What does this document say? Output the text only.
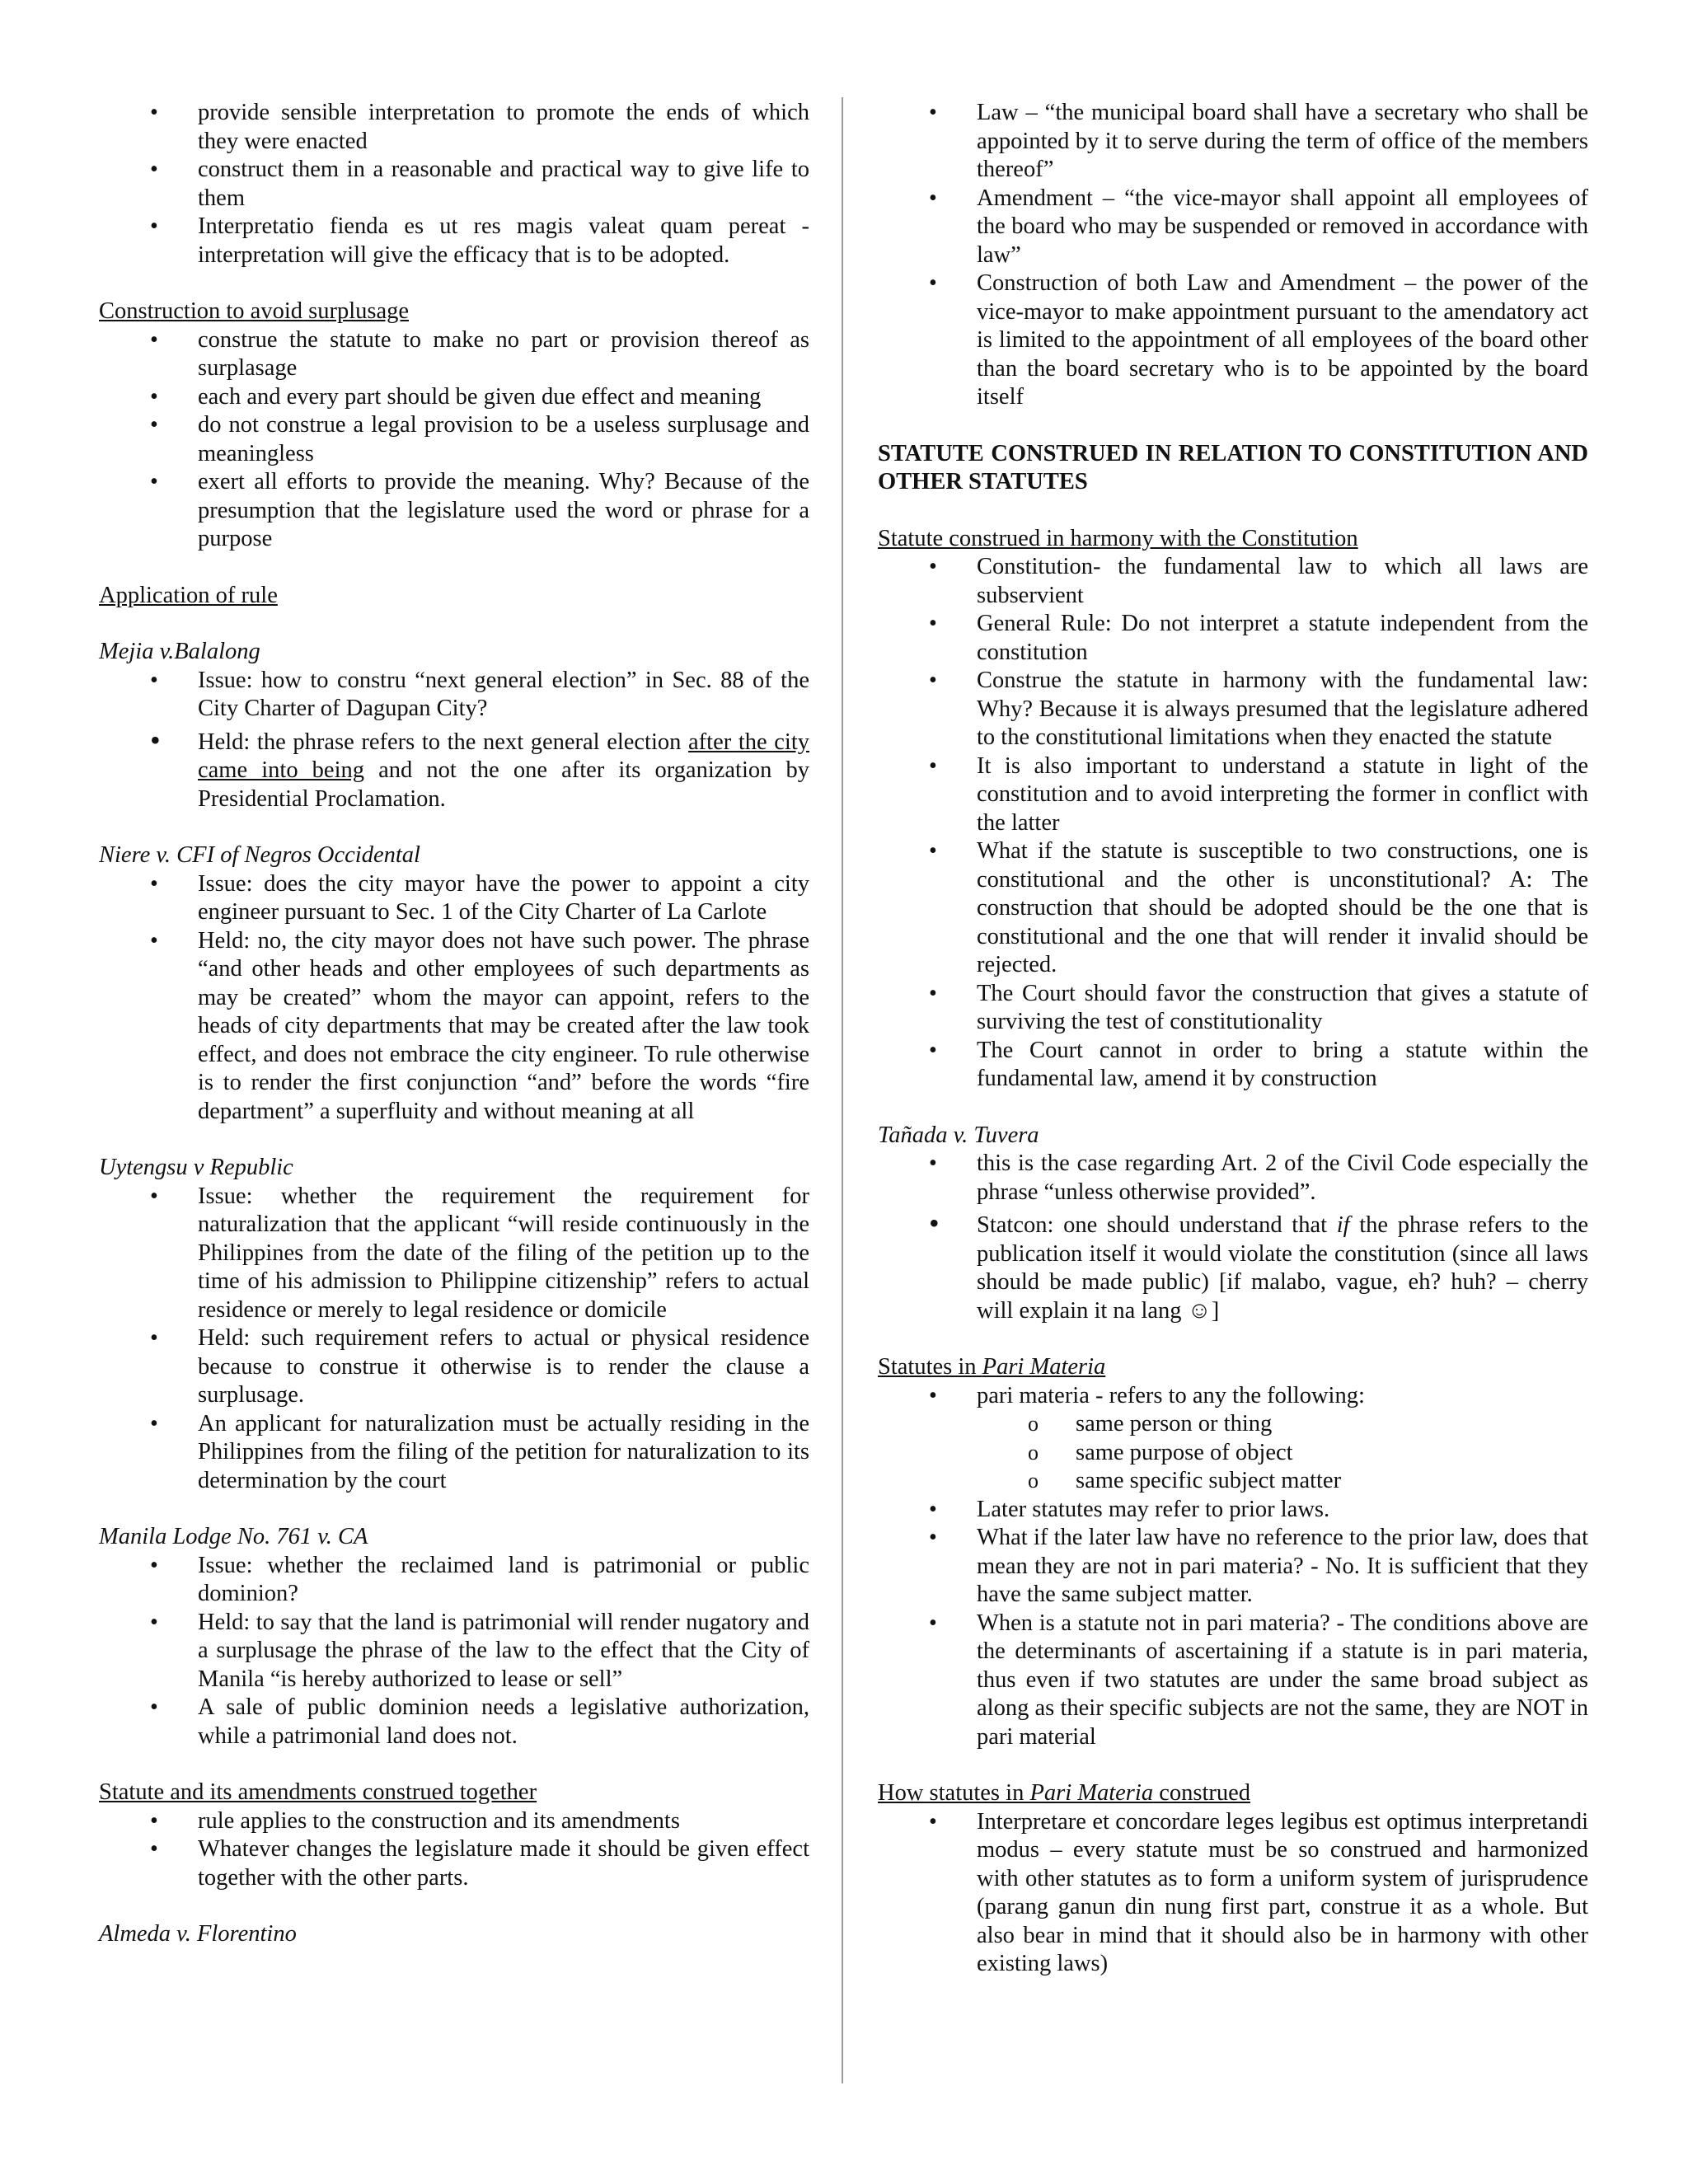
• provide sensible interpretation to promote the ends of which they were enacted
• construct them in a reasonable and practical way to give life to them
• Interpretatio fienda es ut res magis valeat quam pereat - interpretation will give the efficacy that is to be adopted.
Construction to avoid surplusage
• construe the statute to make no part or provision thereof as surplasage
• each and every part should be given due effect and meaning
• do not construe a legal provision to be a useless surplusage and meaningless
• exert all efforts to provide the meaning. Why? Because of the presumption that the legislature used the word or phrase for a purpose
Application of rule
Mejia v.Balalong
• Issue: how to constru “next general election” in Sec. 88 of the City Charter of Dagupan City?
• Held: the phrase refers to the next general election after the city came into being and not the one after its organization by Presidential Proclamation.
Niere v. CFI of Negros Occidental
• Issue: does the city mayor have the power to appoint a city engineer pursuant to Sec. 1 of the City Charter of La Carlote
• Held: no, the city mayor does not have such power. The phrase “and other heads and other employees of such departments as may be created” whom the mayor can appoint, refers to the heads of city departments that may be created after the law took effect, and does not embrace the city engineer. To rule otherwise is to render the first conjunction “and” before the words “fire department” a superfluity and without meaning at all
Uytengsu v Republic
• Issue: whether the requirement the requirement for naturalization that the applicant “will reside continuously in the Philippines from the date of the filing of the petition up to the time of his admission to Philippine citizenship” refers to actual residence or merely to legal residence or domicile
• Held: such requirement refers to actual or physical residence because to construe it otherwise is to render the clause a surplusage.
• An applicant for naturalization must be actually residing in the Philippines from the filing of the petition for naturalization to its determination by the court
Manila Lodge No. 761 v. CA
• Issue: whether the reclaimed land is patrimonial or public dominion?
• Held: to say that the land is patrimonial will render nugatory and a surplusage the phrase of the law to the effect that the City of Manila “is hereby authorized to lease or sell”
• A sale of public dominion needs a legislative authorization, while a patrimonial land does not.
Statute and its amendments construed together
• rule applies to the construction and its amendments
• Whatever changes the legislature made it should be given effect together with the other parts.
Almeda v. Florentino
• Law – “the municipal board shall have a secretary who shall be appointed by it to serve during the term of office of the members thereof”
• Amendment – “the vice-mayor shall appoint all employees of the board who may be suspended or removed in accordance with law”
• Construction of both Law and Amendment – the power of the vice-mayor to make appointment pursuant to the amendatory act is limited to the appointment of all employees of the board other than the board secretary who is to be appointed by the board itself
STATUTE CONSTRUED IN RELATION TO CONSTITUTION AND OTHER STATUTES
Statute construed in harmony with the Constitution
• Constitution- the fundamental law to which all laws are subservient
• General Rule: Do not interpret a statute independent from the constitution
• Construe the statute in harmony with the fundamental law: Why? Because it is always presumed that the legislature adhered to the constitutional limitations when they enacted the statute
• It is also important to understand a statute in light of the constitution and to avoid interpreting the former in conflict with the latter
• What if the statute is susceptible to two constructions, one is constitutional and the other is unconstitutional? A: The construction that should be adopted should be the one that is constitutional and the one that will render it invalid should be rejected.
• The Court should favor the construction that gives a statute of surviving the test of constitutionality
• The Court cannot in order to bring a statute within the fundamental law, amend it by construction
Tañada v. Tuvera
• this is the case regarding Art. 2 of the Civil Code especially the phrase “unless otherwise provided”.
• Statcon: one should understand that if the phrase refers to the publication itself it would violate the constitution (since all laws should be made public) [if malabo, vague, eh? huh? – cherry will explain it na lang ☺]
Statutes in Pari Materia
• pari materia - refers to any the following:
o same person or thing
o same purpose of object
o same specific subject matter
• Later statutes may refer to prior laws.
• What if the later law have no reference to the prior law, does that mean they are not in pari materia? - No. It is sufficient that they have the same subject matter.
• When is a statute not in pari materia? - The conditions above are the determinants of ascertaining if a statute is in pari materia, thus even if two statutes are under the same broad subject as along as their specific subjects are not the same, they are NOT in pari material
How statutes in Pari Materia construed
• Interpretare et concordare leges legibus est optimus interpretandi modus – every statute must be so construed and harmonized with other statutes as to form a uniform system of jurisprudence (parang ganun din nung first part, construe it as a whole. But also bear in mind that it should also be in harmony with other existing laws)
